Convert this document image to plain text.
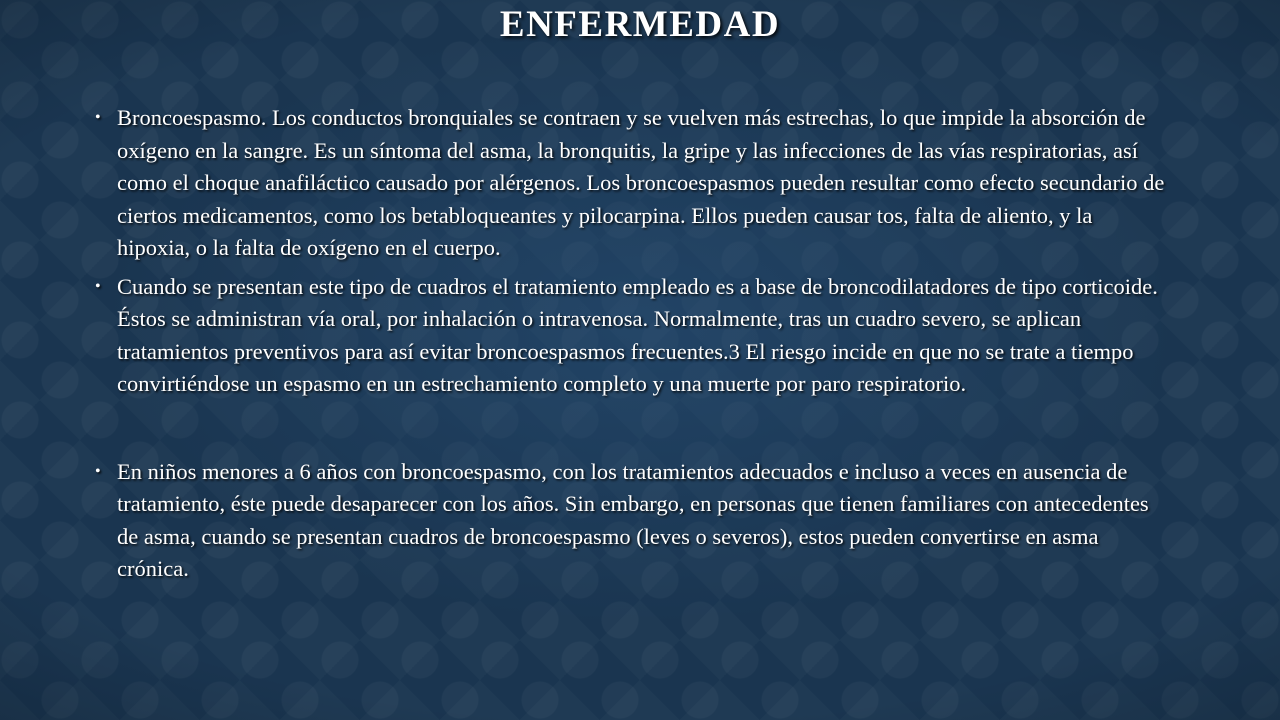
ENFERMEDAD
• Broncoespasmo. Los conductos bronquiales se contraen y se vuelven más estrechas, lo que impide la absorción de oxígeno en la sangre. Es un síntoma del asma, la bronquitis, la gripe y las infecciones de las vías respiratorias, así como el choque anafiláctico causado por alérgenos. Los broncoespasmos pueden resultar como efecto secundario de ciertos medicamentos, como los betabloqueantes y pilocarpina. Ellos pueden causar tos, falta de aliento, y la hipoxia, o la falta de oxígeno en el cuerpo.
• Cuando se presentan este tipo de cuadros el tratamiento empleado es a base de broncodilatadores de tipo corticoide. Éstos se administran vía oral, por inhalación o intravenosa. Normalmente, tras un cuadro severo, se aplican tratamientos preventivos para así evitar broncoespasmos frecuentes.3 El riesgo incide en que no se trate a tiempo convirtiéndose un espasmo en un estrechamiento completo y una muerte por paro respiratorio.
• En niños menores a 6 años con broncoespasmo, con los tratamientos adecuados e incluso a veces en ausencia de tratamiento, éste puede desaparecer con los años. Sin embargo, en personas que tienen familiares con antecedentes de asma, cuando se presentan cuadros de broncoespasmo (leves o severos), estos pueden convertirse en asma crónica.
